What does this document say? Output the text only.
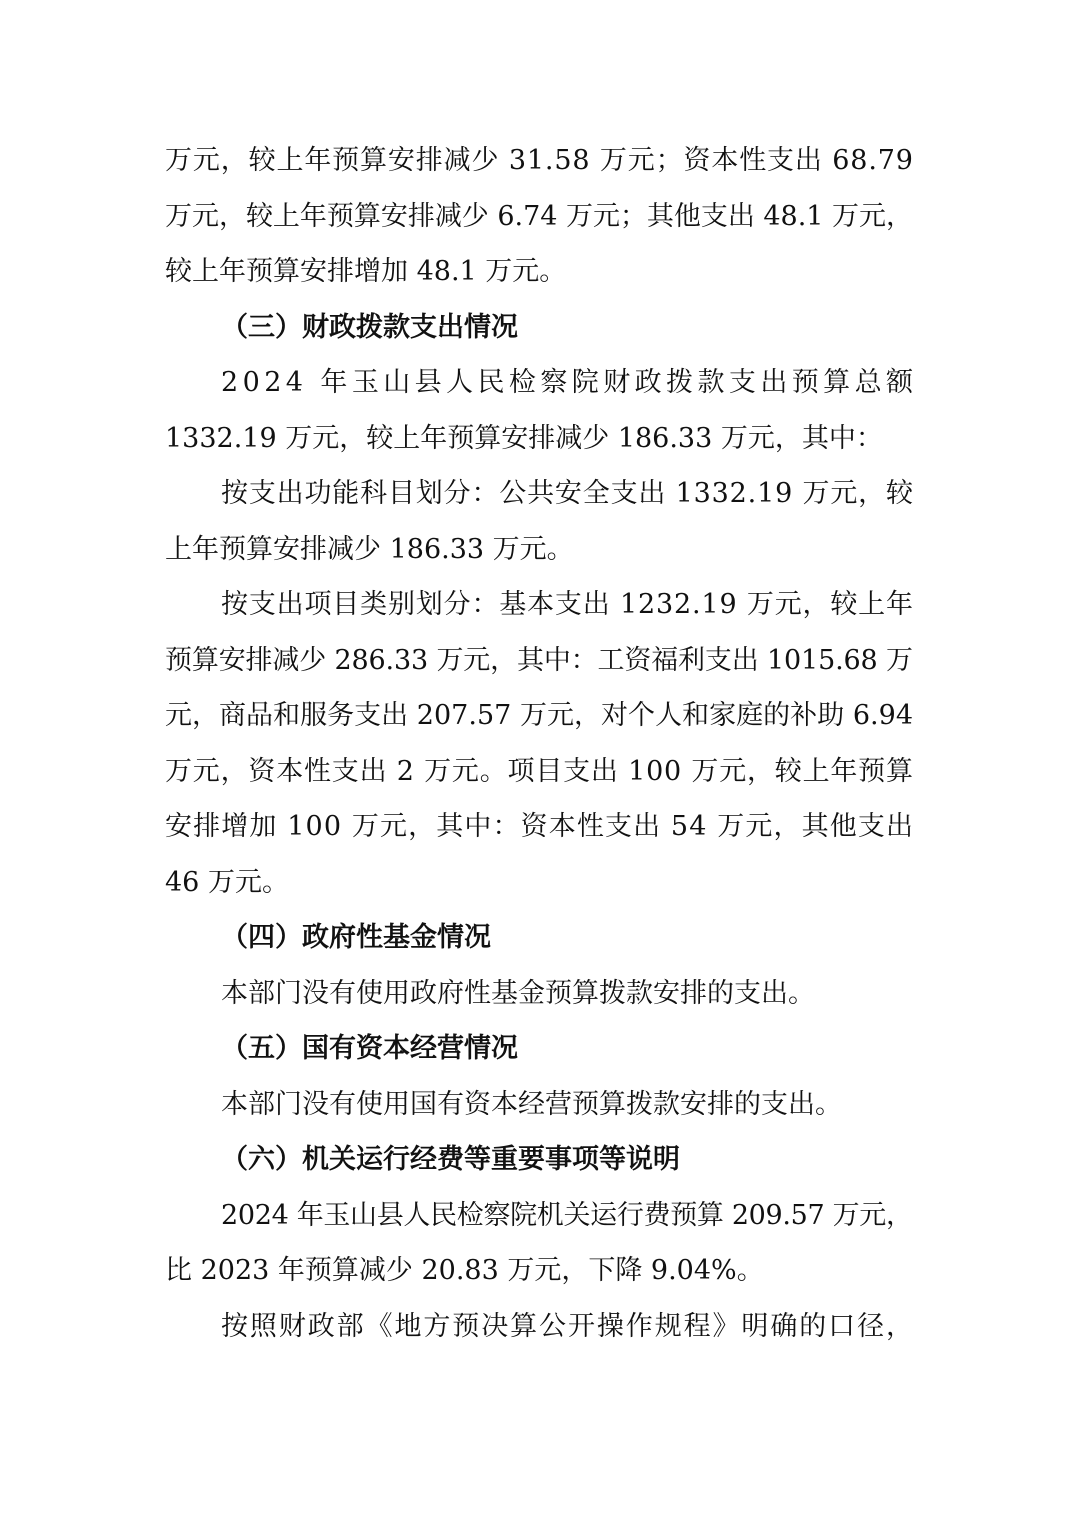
万元，较上年预算安排减少 31.58 万元；资本性支出 68.79
万元，较上年预算安排减少 6.74 万元；其他支出 48.1 万元，
较上年预算安排增加 48.1 万元。
（三）财政拨款支出情况
2024 年玉山县人民检察院财政拨款支出预算总额
1332.19 万元，较上年预算安排减少 186.33 万元，其中：
按支出功能科目划分：公共安全支出 1332.19 万元，较
上年预算安排减少 186.33 万元。
按支出项目类别划分：基本支出 1232.19 万元，较上年
预算安排减少 286.33 万元，其中：工资福利支出 1015.68 万
元，商品和服务支出 207.57 万元，对个人和家庭的补助 6.94
万元，资本性支出 2 万元。项目支出 100 万元，较上年预算
安排增加 100 万元，其中：资本性支出 54 万元，其他支出
46 万元。
（四）政府性基金情况
本部门没有使用政府性基金预算拨款安排的支出。
（五）国有资本经营情况
本部门没有使用国有资本经营预算拨款安排的支出。
（六）机关运行经费等重要事项等说明
2024 年玉山县人民检察院机关运行费预算 209.57 万元，
比 2023 年预算减少 20.83 万元，下降 9.04%。
按照财政部《地方预决算公开操作规程》明确的口径，
